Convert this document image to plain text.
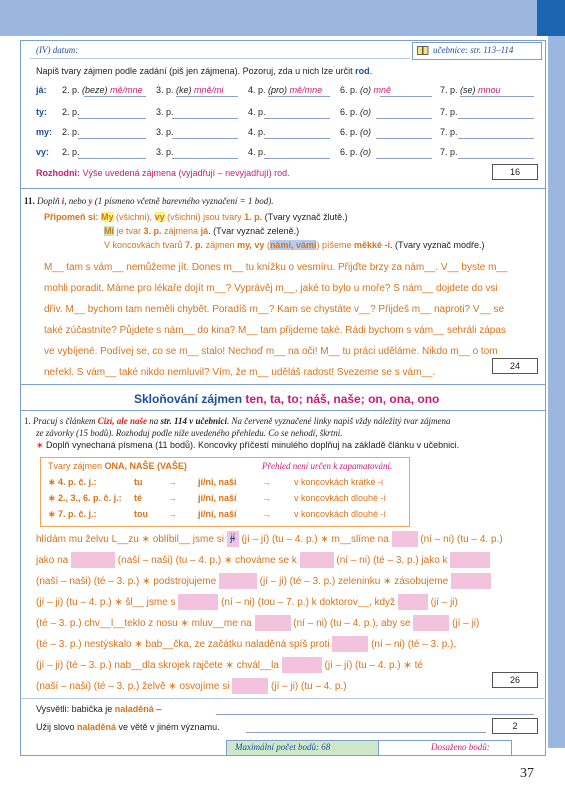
(IV) datum:	učebnice: str. 113–114
Napiš tvary zájmen podle zadání (piš jen zájmena). Pozoruj, zda u nich lze určit rod.
já: 2. p. (beze) mě/mne 3. p. (ke) mně/mi	4. p. (pro) mě/mne 6. p. (o) mně	7. p. (se) mnou
ty: 2. p.	3. p.	4. p.	6. p. (o)	7. p.
my: 2. p.	3. p.	4. p.	6. p. (o)	7. p.
vy: 2. p.	3. p.	4. p.	6. p. (o)	7. p.
Rozhodni: Výše uvedená zájmena (vyjadřují – nevyjadřují) rod.	16
11. Doplň i, nebo y (1 písmeno včetně barevného vyznačení = 1 bod).
Připomeň si: My (všichni), vy (všichni) jsou tvary 1. p. (Tvary vyznač žlutě.)
Mi je tvar 3. p. zájmena já. (Tvar vyznač zeleně.)
V koncovkách tvarů 7. p. zájmen my, vy (námi, vámi) píšeme měkké -i. (Tvary vyznač modře.)
M__ tam s vám__ nemůžeme jít. Dones m__ tu knížku o vesmíru. Přijďte brzy za nám__. V__ byste m__
mohli poradit. Máme pro lékaře dojít m__? Vyprávěj m__, jaké to bylo u moře? S nám__ dojdete do vsi
dřív. M__ bychom tam neměli chybět. Poradíš m__? Kam se chystáte v__? Přijdeš m__ naproti? V__ se
také zúčastníte? Půjdete s nám__ do kina? M__ tam přijdeme také. Rádi bychom s vám__ sehráli zápas
ve vybíjené. Podívej se, co se m__ stalo! Nechoď m__ na oči! M__ tu práci uděláme. Nikdo m__ o tom
neřekl. S vám__ také nikdo nemluvil? Vím, že m__ uděláš radost! Svezeme se s vám__.
24
Skloňování zájmen ten, ta, to; náš, naše; on, ona, ono
1. Pracuj s článkem Cizí, ale naše na str. 114 v učebnici. Na červeně vyznačené linky napiš vždy náležitý tvar zájmena
ze závorky (15 bodů). Rozhoduj podle níže uvedeného přehledu. Co se nehodí, škrtni.
∗ Doplň vynechaná písmena (11 bodů). Koncovky příčestí minulého doplňuj na základě článku v učebnici.
Tvary zájmen ONA, NAŠE (VAŠE)	Přehled není určen k zapamatování.
∗ 4. p. č. j.:	tu	→ jí/ni, naši	→	v koncovkách krátké -i
∗ 2., 3., 6. p. č. j.: té	→ jí/ní, naší	→	v koncovkách dlouhé -í
∗ 7. p. č. j.:	tou → jí/ní, naší	→	v koncovkách dlouhé -í
hlídám mu želvu L__zu ∗ oblíbil__ jsme si jí (jí – jí) (tu – 4. p.) ∗ m__slíme na	(ní – ni) (tu – 4. p.)
jako na	(naší – naši) (tu – 4. p.) ∗ chováme se k	(ní – ni) (té – 3. p.) jako k
(naší – naši) (té – 3. p.) ∗ podstrojujeme	(jí – ji) (té – 3. p.) zeleninku ∗ zásobujeme
(jí – ji) (tu – 4. p.) ∗ šl__ jsme s	(ní – ni) (tou – 7. p.) k doktorov__, když	(jí – ji)
(té – 3. p.) chv__l__teklo z nosu ∗ mluv__me na	(ní – ni) (tu – 4. p.), aby se	(jí – ji)
(té – 3. p.) nestýskalo ∗ bab__čka, ze začátku naladěná spíš proti	(ní – ni) (té – 3. p.),
(jí – ji) (té – 3. p.) nab__dla skrojek rajčete ∗ chvál__la	(jí – jí) (tu – 4. p.) ∗ té
(naší – naši) (té – 3. p.) želvě ∗ osvojíme si	(jí – ji) (tu – 4. p.)
26
Vysvětli: babička je naladěná –
Užij slovo naladěná ve větě v jiném významu.	2
Maximální počet bodů: 68	Dosaženo bodů:
37
